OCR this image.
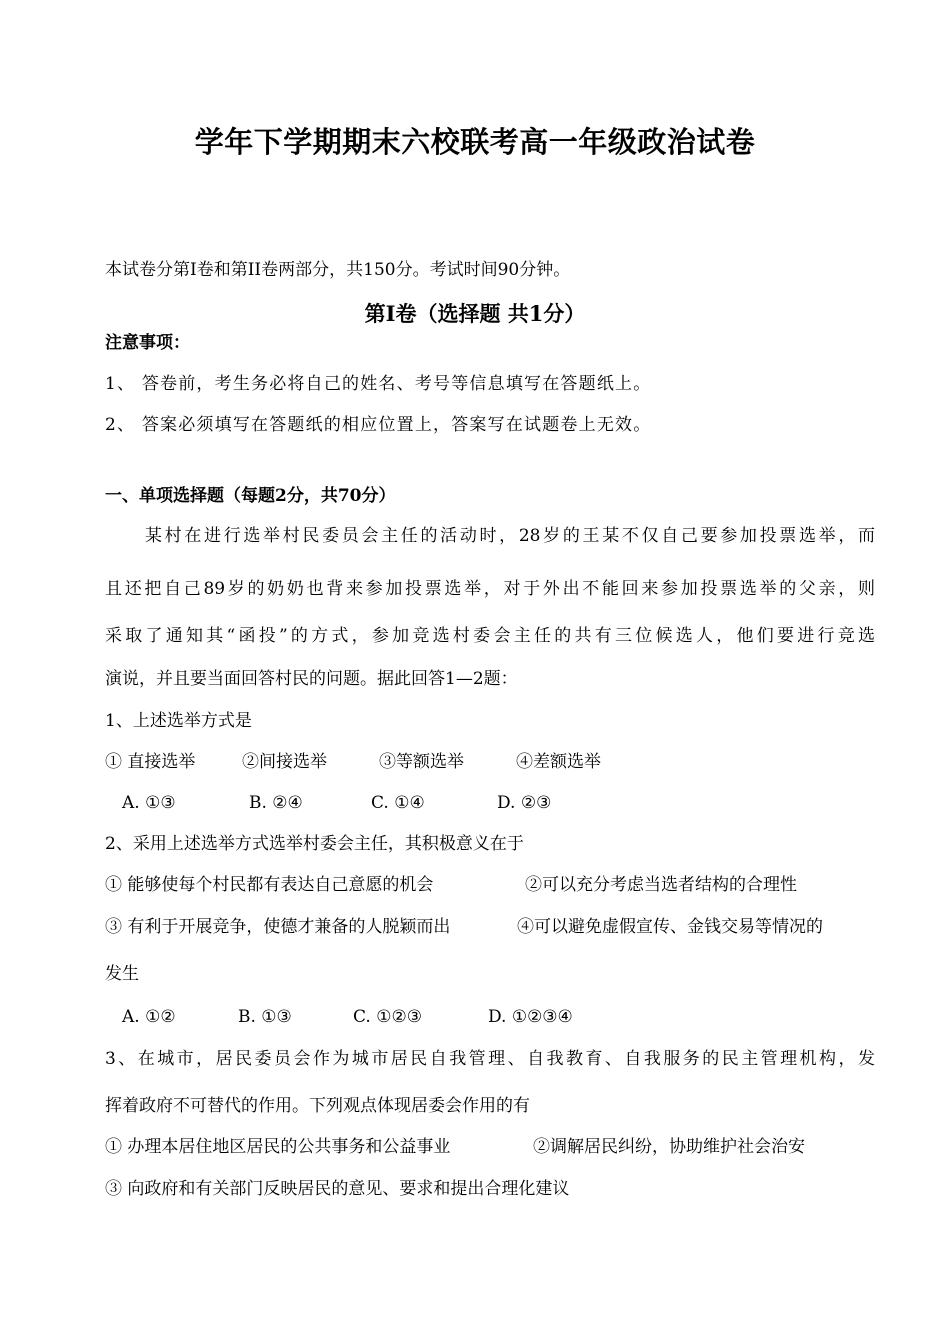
学年下学期期末六校联考高一年级政治试卷
本试卷分第I卷和第II卷两部分，共150分。考试时间90分钟。
第I卷（选择题 共1分）
注意事项：
1、 答卷前，考生务必将自己的姓名、考号等信息填写在答题纸上。
2、 答案必须填写在答题纸的相应位置上，答案写在试题卷上无效。
一、单项选择题（每题2分，共70分）
某村在进行选举村民委员会主任的活动时，28岁的王某不仅自己要参加投票选举，而
且还把自己89岁的奶奶也背来参加投票选举，对于外出不能回来参加投票选举的父亲，则
采取了通知其“函投”的方式，参加竞选村委会主任的共有三位候选人，他们要进行竞选
演说，并且要当面回答村民的问题。据此回答1—2题：
1、上述选举方式是
① 直接选举	②间接选举	③等额选举	④差额选举
A. ①③	B. ②④	C. ①④	D. ②③
2、采用上述选举方式选举村委会主任，其积极意义在于
① 能够使每个村民都有表达自己意愿的机会	②可以充分考虑当选者结构的合理性
③ 有利于开展竞争，使德才兼备的人脱颖而出	④可以避免虚假宣传、金钱交易等情况的
发生
A. ①②	B. ①③	C. ①②③	D. ①②③④
3、在城市，居民委员会作为城市居民自我管理、自我教育、自我服务的民主管理机构，发
挥着政府不可替代的作用。下列观点体现居委会作用的有
① 办理本居住地区居民的公共事务和公益事业	②调解居民纠纷，协助维护社会治安
③ 向政府和有关部门反映居民的意见、要求和提出合理化建议
